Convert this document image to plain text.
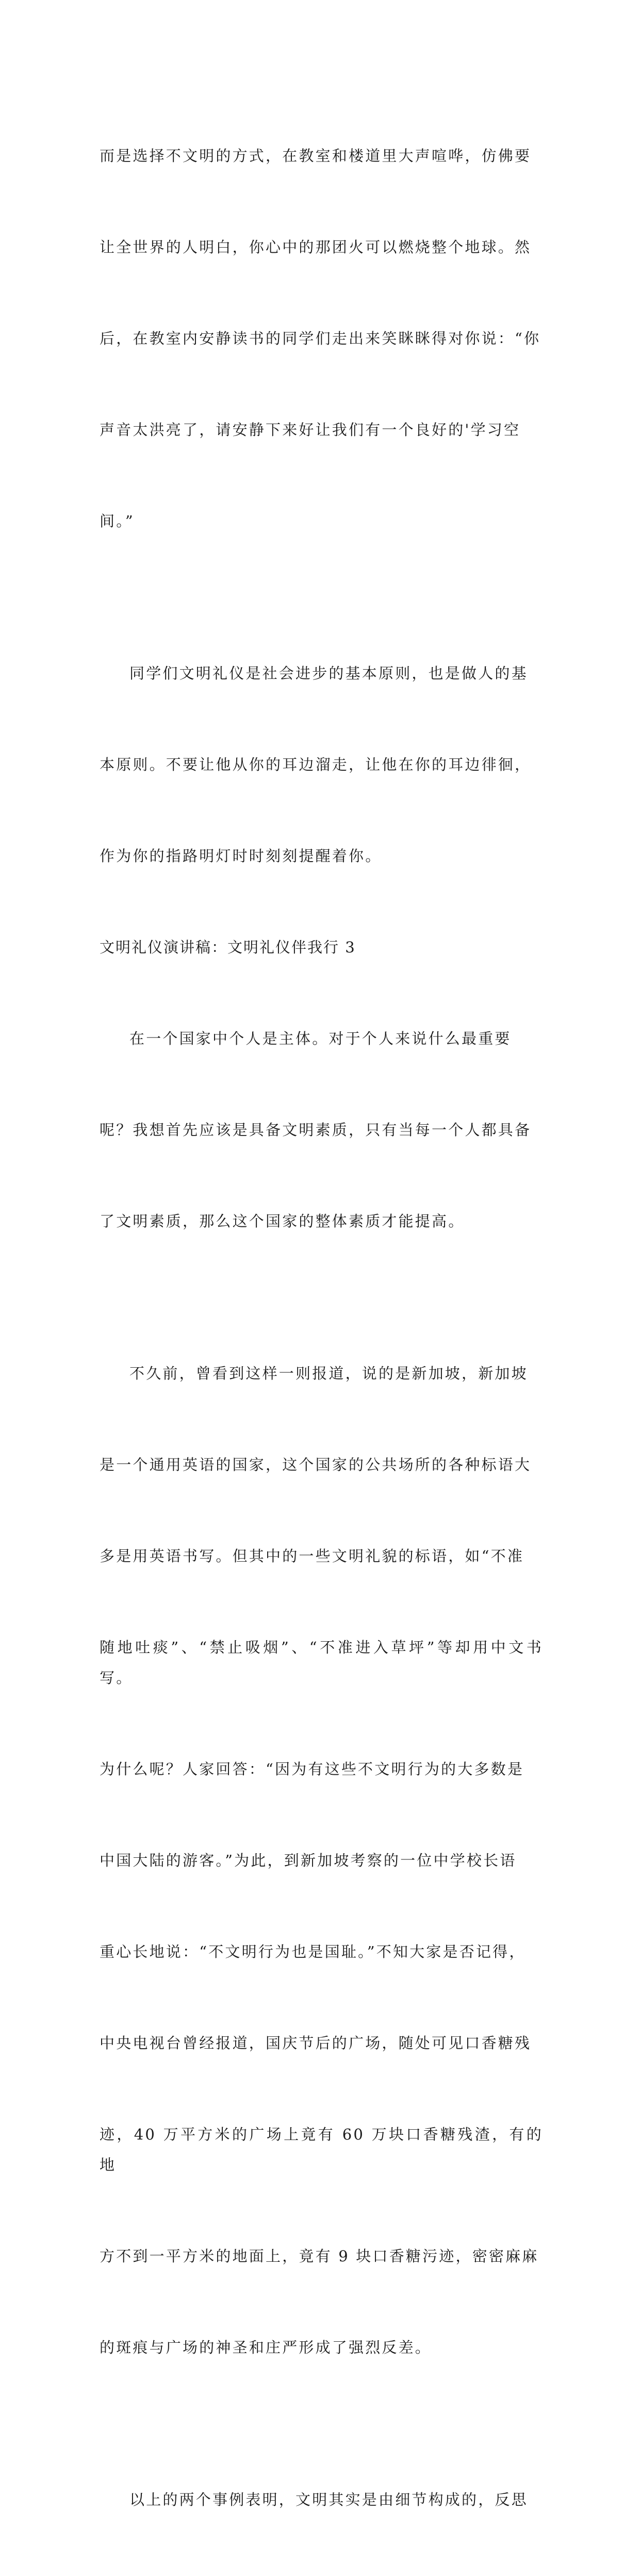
而是选择不文明的方式，在教室和楼道里大声喧哗，仿佛要

让全世界的人明白，你心中的那团火可以燃烧整个地球。然

后，在教室内安静读书的同学们走出来笑眯眯得对你说：“你

声音太洪亮了，请安静下来好让我们有一个良好的'学习空

间。”

同学们文明礼仪是社会进步的基本原则，也是做人的基

本原则。不要让他从你的耳边溜走，让他在你的耳边徘徊，

作为你的指路明灯时时刻刻提醒着你。

文明礼仪演讲稿：文明礼仪伴我行 3

在一个国家中个人是主体。对于个人来说什么最重要

呢？我想首先应该是具备文明素质，只有当每一个人都具备

了文明素质，那么这个国家的整体素质才能提高。

不久前，曾看到这样一则报道，说的是新加坡，新加坡

是一个通用英语的国家，这个国家的公共场所的各种标语大

多是用英语书写。但其中的一些文明礼貌的标语，如“不准

随地吐痰”、“禁止吸烟”、“不准进入草坪”等却用中文书写。

为什么呢？人家回答：“因为有这些不文明行为的大多数是

中国大陆的游客。”为此，到新加坡考察的一位中学校长语

重心长地说：“不文明行为也是国耻。”不知大家是否记得，

中央电视台曾经报道，国庆节后的广场，随处可见口香糖残

迹，40 万平方米的广场上竟有 60 万块口香糖残渣，有的地

方不到一平方米的地面上，竟有 9 块口香糖污迹，密密麻麻

的斑痕与广场的神圣和庄严形成了强烈反差。

以上的两个事例表明，文明其实是由细节构成的，反思
